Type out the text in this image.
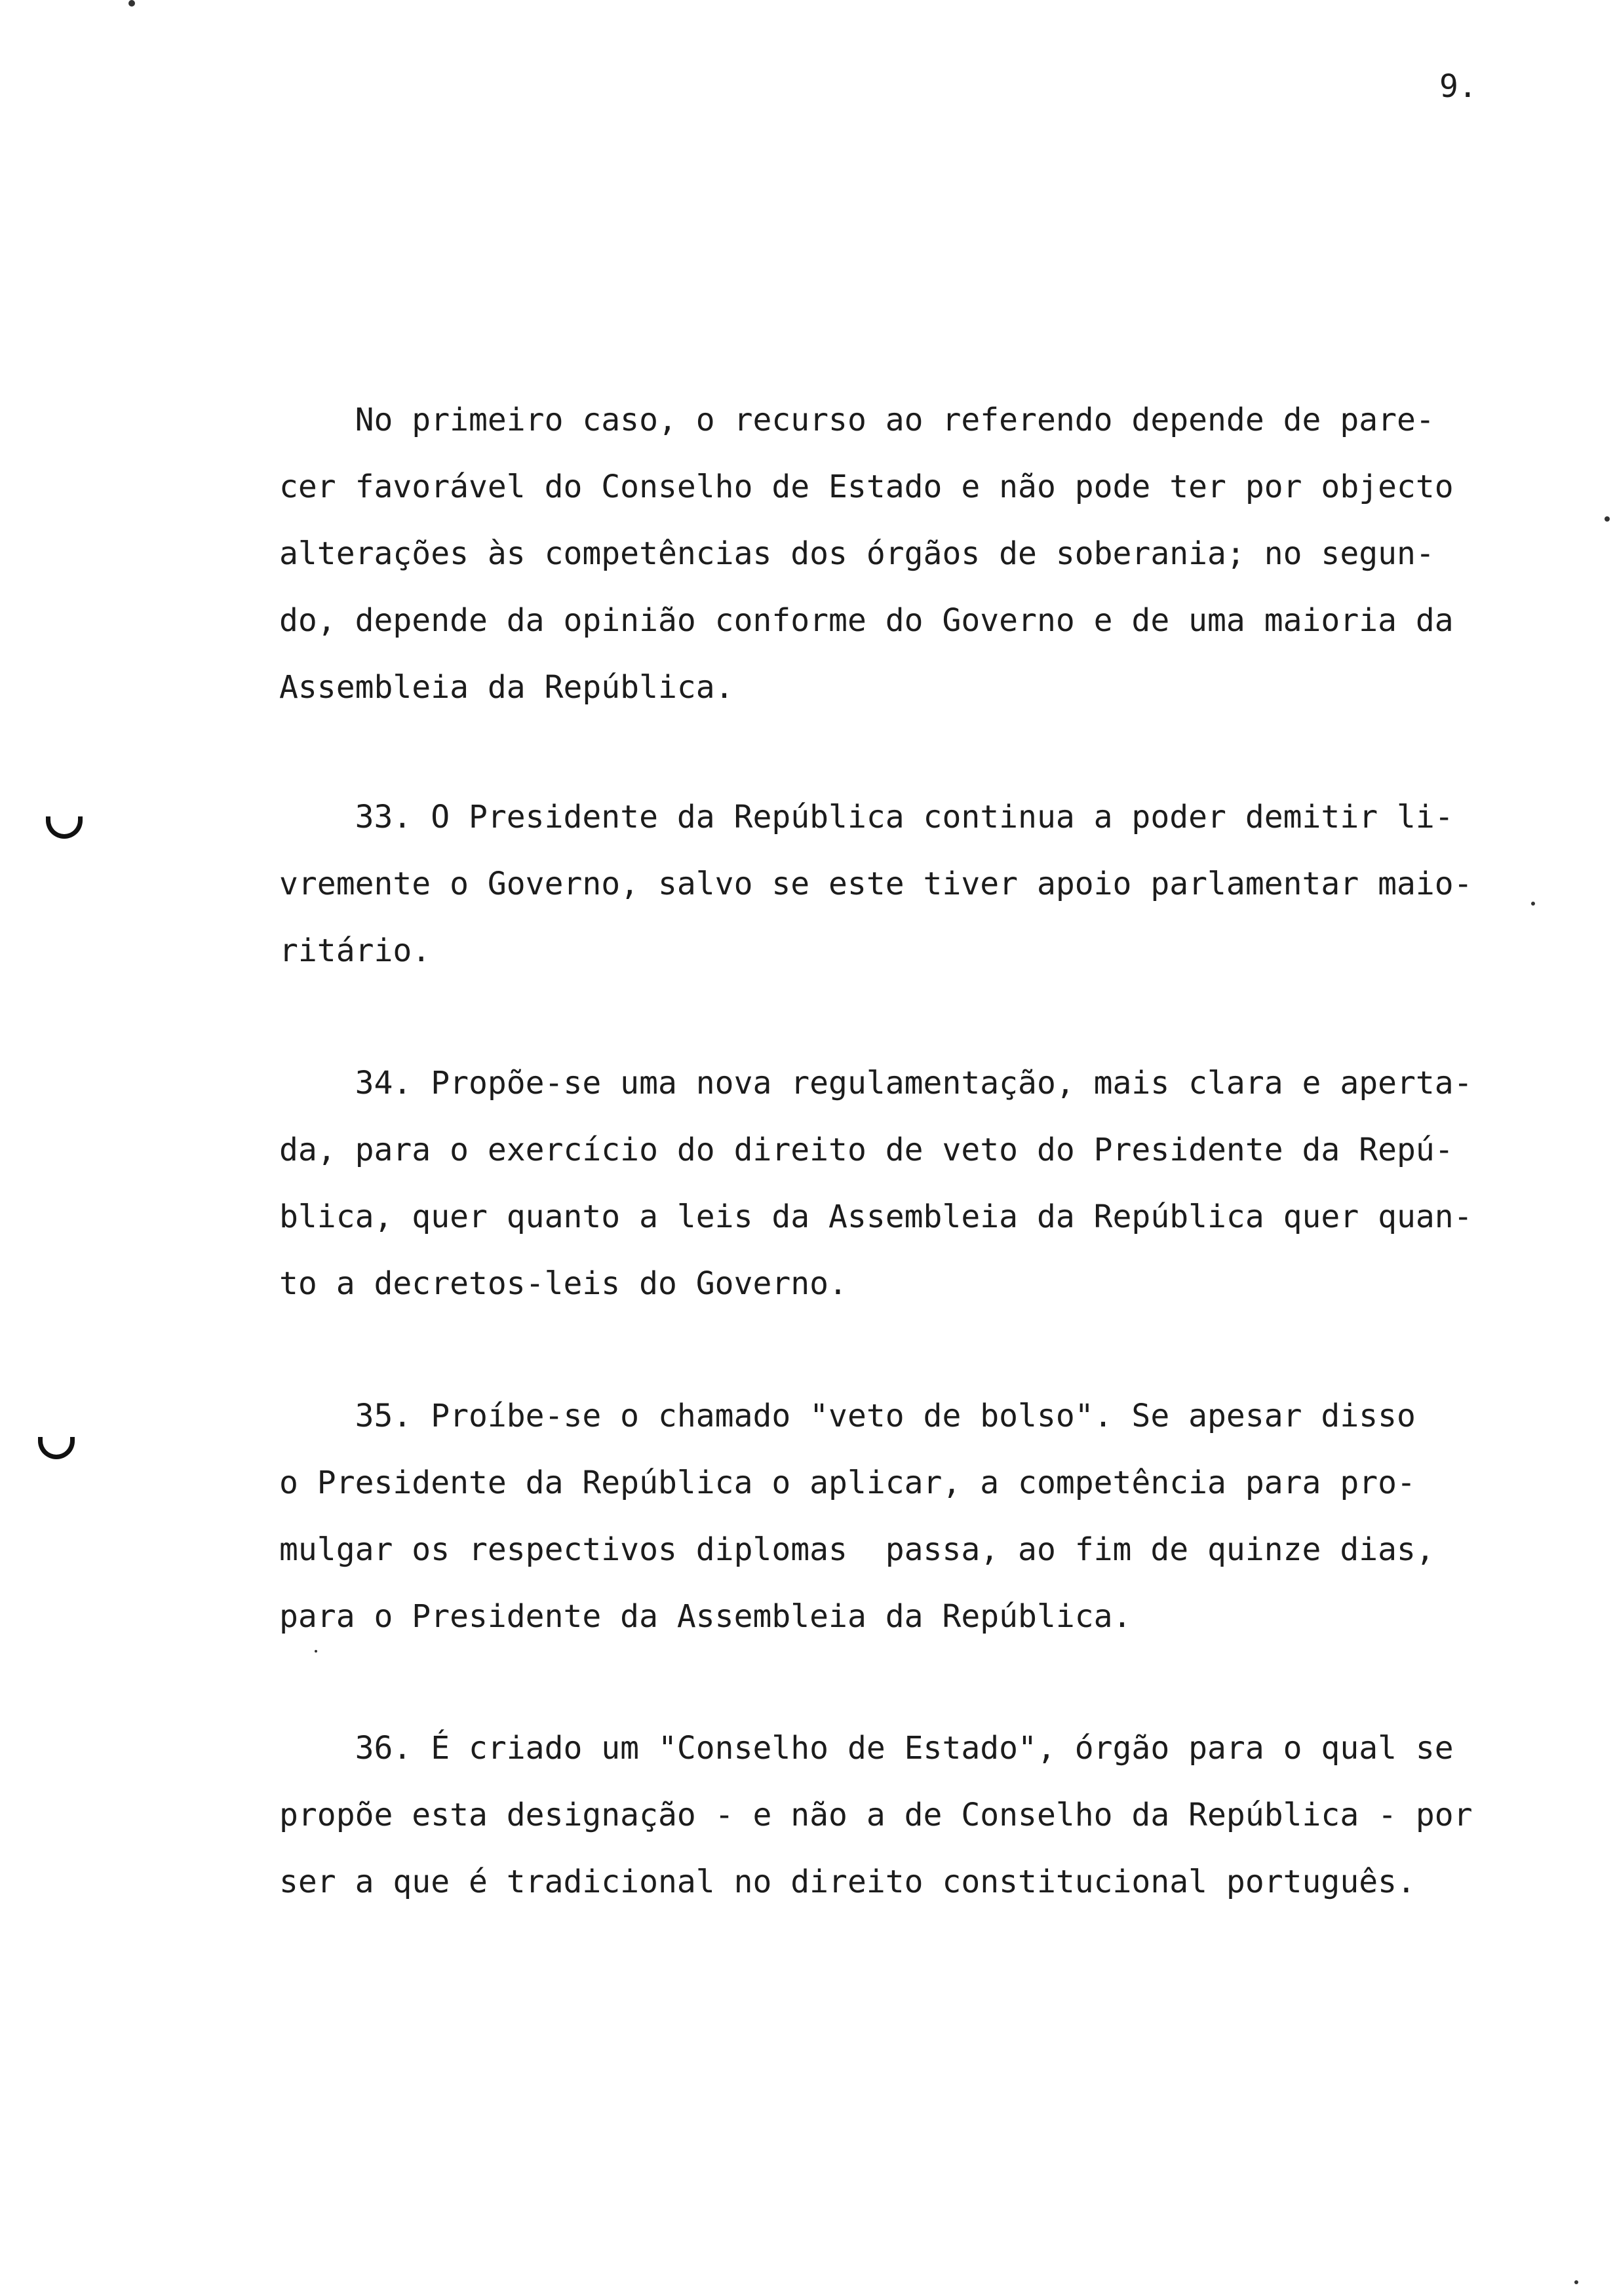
9.
No primeiro caso, o recurso ao referendo depende de pare-
cer favorável do Conselho de Estado e não pode ter por objecto
alterações às competências dos órgãos de soberania; no segun-
do, depende da opinião conforme do Governo e de uma maioria da
Assembleia da República.
33. O Presidente da República continua a poder demitir li-
vremente o Governo, salvo se este tiver apoio parlamentar maio-
ritário.
34. Propõe-se uma nova regulamentação, mais clara e aperta-
da, para o exercício do direito de veto do Presidente da Repú-
blica, quer quanto a leis da Assembleia da República quer quan-
to a decretos-leis do Governo.
35. Proíbe-se o chamado "veto de bolso". Se apesar disso
o Presidente da República o aplicar, a competência para pro-
mulgar os respectivos diplomas  passa, ao fim de quinze dias,
para o Presidente da Assembleia da República.
36. É criado um "Conselho de Estado", órgão para o qual se
propõe esta designação - e não a de Conselho da República - por
ser a que é tradicional no direito constitucional português.
